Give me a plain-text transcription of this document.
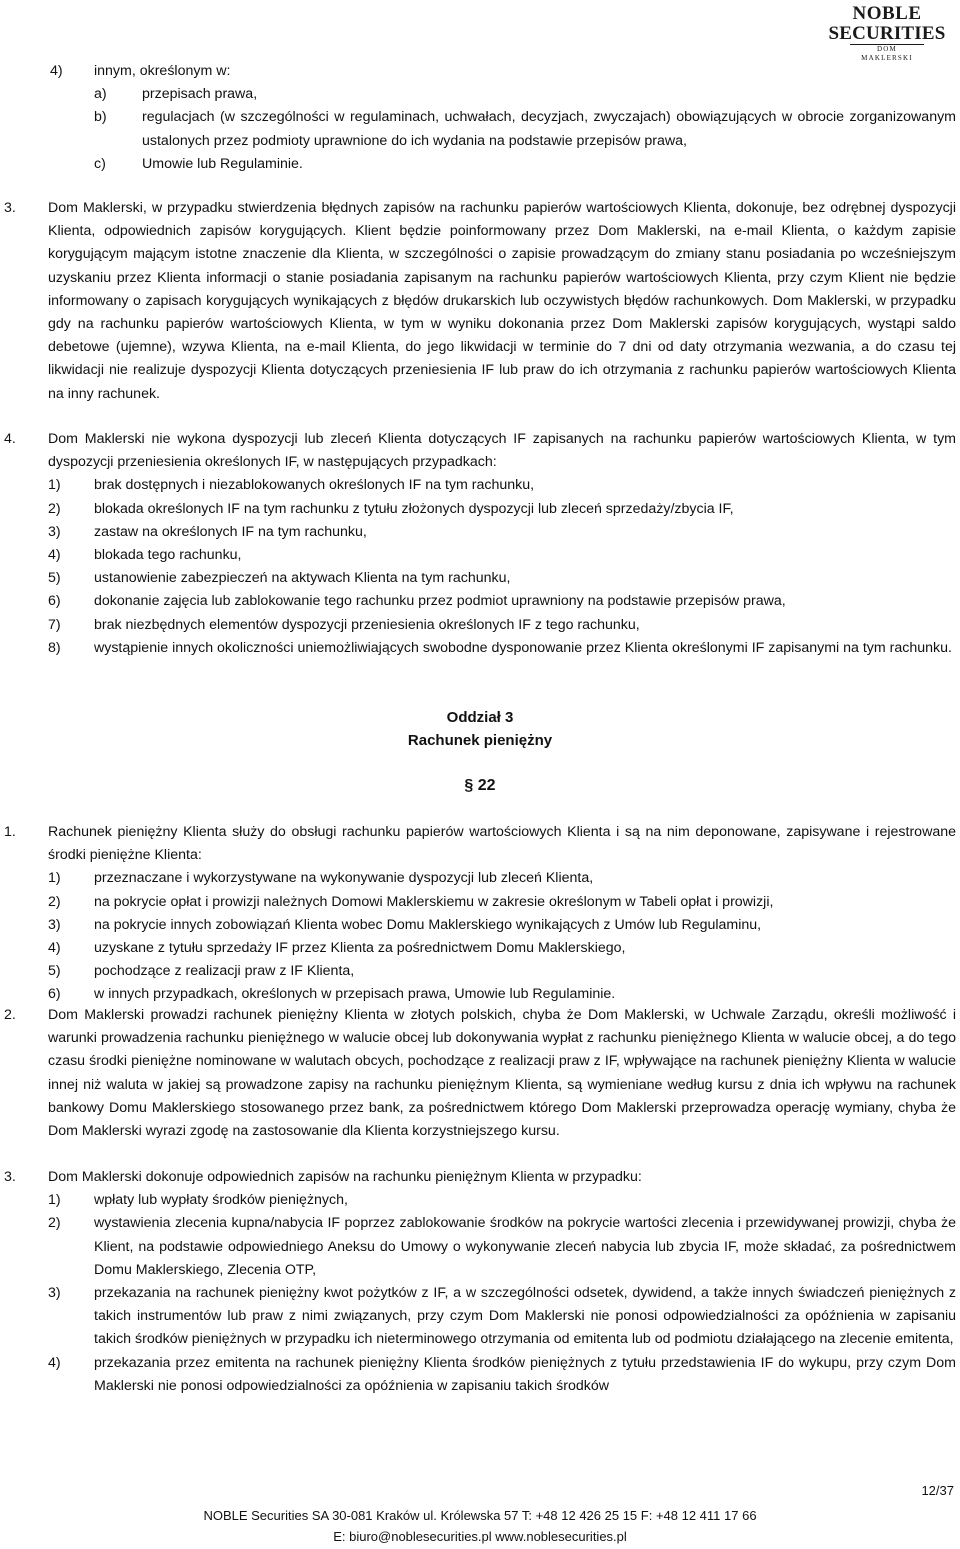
NOBLE
SECURITIES
DOM MAKLERSKI
4) innym, określonym w:
a) przepisach prawa,
b) regulacjach (w szczególności w regulaminach, uchwałach, decyzjach, zwyczajach) obowiązujących w obrocie zorganizowanym ustalonych przez podmioty uprawnione do ich wydania na podstawie przepisów prawa,
c)	Umowie lub Regulaminie.
3. Dom Maklerski, w przypadku stwierdzenia błędnych zapisów na rachunku papierów wartościowych Klienta, dokonuje, bez odrębnej dyspozycji Klienta, odpowiednich zapisów korygujących. Klient będzie poinformowany przez Dom Maklerski, na e-mail Klienta, o każdym zapisie korygującym mającym istotne znaczenie dla Klienta, w szczególności o zapisie prowadzącym do zmiany stanu posiadania po wcześniejszym uzyskaniu przez Klienta informacji o stanie posiadania zapisanym na rachunku papierów wartościowych Klienta, przy czym Klient nie będzie informowany o zapisach korygujących wynikających z błędów drukarskich lub oczywistych błędów rachunkowych. Dom Maklerski, w przypadku gdy na rachunku papierów wartościowych Klienta, w tym w wyniku dokonania przez Dom Maklerski zapisów korygujących, wystąpi saldo debetowe (ujemne), wzywa Klienta, na e-mail Klienta, do jego likwidacji w terminie do 7 dni od daty otrzymania wezwania, a do czasu tej likwidacji nie realizuje dyspozycji Klienta dotyczących przeniesienia IF lub praw do ich otrzymania z rachunku papierów wartościowych Klienta na inny rachunek.
4. Dom Maklerski nie wykona dyspozycji lub zleceń Klienta dotyczących IF zapisanych na rachunku papierów wartościowych Klienta, w tym dyspozycji przeniesienia określonych IF, w następujących przypadkach:
1) brak dostępnych i niezablokowanych określonych IF na tym rachunku,
2) blokada określonych IF na tym rachunku z tytułu złożonych dyspozycji lub zleceń sprzedaży/zbycia IF,
3) zastaw na określonych IF na tym rachunku,
4) blokada tego rachunku,
5) ustanowienie zabezpieczeń na aktywach Klienta na tym rachunku,
6) dokonanie zajęcia lub zablokowanie tego rachunku przez podmiot uprawniony na podstawie przepisów prawa,
7) brak niezbędnych elementów dyspozycji przeniesienia określonych IF z tego rachunku,
8) wystąpienie innych okoliczności uniemożliwiających swobodne dysponowanie przez Klienta określonymi IF zapisanymi na tym rachunku.
Oddział 3
Rachunek pieniężny
§ 22
1. Rachunek pieniężny Klienta służy do obsługi rachunku papierów wartościowych Klienta i są na nim deponowane, zapisywane i rejestrowane środki pieniężne Klienta:
1) przeznaczane i wykorzystywane na wykonywanie dyspozycji lub zleceń Klienta,
2) na pokrycie opłat i prowizji należnych Domowi Maklerskiemu w zakresie określonym w Tabeli opłat i prowizji,
3) na pokrycie innych zobowiązań Klienta wobec Domu Maklerskiego wynikających z Umów lub Regulaminu,
4) uzyskane z tytułu sprzedaży IF przez Klienta za pośrednictwem Domu Maklerskiego,
5) pochodzące z realizacji praw z IF Klienta,
6) w innych przypadkach, określonych w przepisach prawa, Umowie lub Regulaminie.
2. Dom Maklerski prowadzi rachunek pieniężny Klienta w złotych polskich, chyba że Dom Maklerski, w Uchwale Zarządu, określi możliwość i warunki prowadzenia rachunku pieniężnego w walucie obcej lub dokonywania wypłat z rachunku pieniężnego Klienta w walucie obcej, a do tego czasu środki pieniężne nominowane w walutach obcych, pochodzące z realizacji praw z IF, wpływające na rachunek pieniężny Klienta w walucie innej niż waluta w jakiej są prowadzone zapisy na rachunku pieniężnym Klienta, są wymieniane według kursu z dnia ich wpływu na rachunek bankowy Domu Maklerskiego stosowanego przez bank, za pośrednictwem którego Dom Maklerski przeprowadza operację wymiany, chyba że Dom Maklerski wyrazi zgodę na zastosowanie dla Klienta korzystniejszego kursu.
3. Dom Maklerski dokonuje odpowiednich zapisów na rachunku pieniężnym Klienta w przypadku:
1) wpłaty lub wypłaty środków pieniężnych,
2) wystawienia zlecenia kupna/nabycia IF poprzez zablokowanie środków na pokrycie wartości zlecenia i przewidywanej prowizji, chyba że Klient, na podstawie odpowiedniego Aneksu do Umowy o wykonywanie zleceń nabycia lub zbycia IF, może składać, za pośrednictwem Domu Maklerskiego, Zlecenia OTP,
3) przekazania na rachunek pieniężny kwot pożytków z IF, a w szczególności odsetek, dywidend, a także innych świadczeń pieniężnych z takich instrumentów lub praw z nimi związanych, przy czym Dom Maklerski nie ponosi odpowiedzialności za opóźnienia w zapisaniu takich środków pieniężnych w przypadku ich nieterminowego otrzymania od emitenta lub od podmiotu działającego na zlecenie emitenta,
4) przekazania przez emitenta na rachunek pieniężny Klienta środków pieniężnych z tytułu przedstawienia IF do wykupu, przy czym Dom Maklerski nie ponosi odpowiedzialności za opóźnienia w zapisaniu takich środków
12/37
NOBLE Securities SA 30-081 Kraków ul. Królewska 57 T: +48 12 426 25 15 F: +48 12 411 17 66
E: biuro@noblesecurities.pl www.noblesecurities.pl
